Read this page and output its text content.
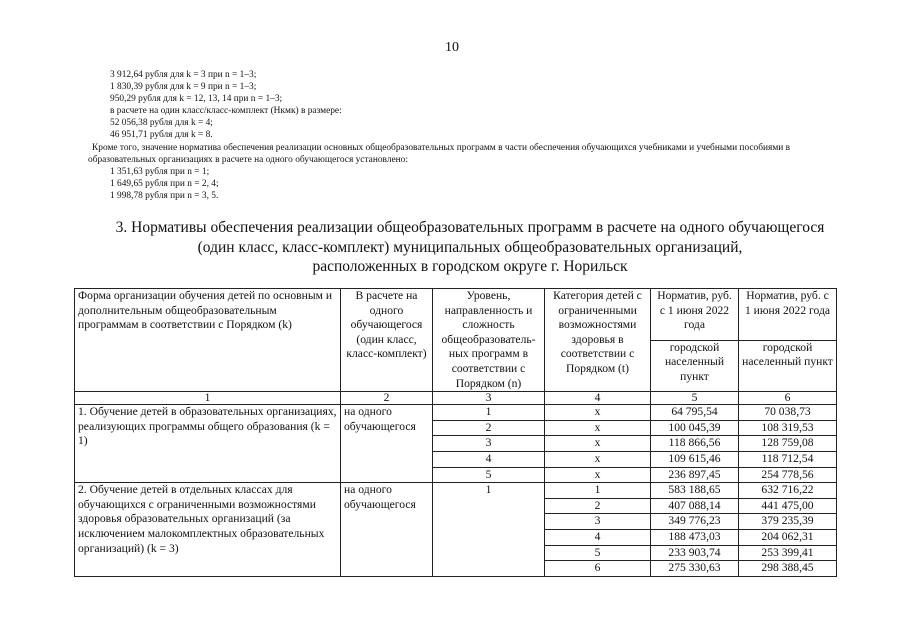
10
3 912,64 рубля для k = 3 при n = 1–3;
1 830,39 рубля для k = 9 при n = 1–3;
950,29 рубля для k = 12, 13, 14 при n = 1–3;
в расчете на один класс/класс-комплект (Нкмк) в размере:
52 056,38 рубля для k = 4;
46 951,71 рубля для k = 8.
Кроме того, значение норматива обеспечения реализации основных общеобразовательных программ в части обеспечения обучающихся учебниками и учебными пособиями в образовательных организациях в расчете на одного обучающегося установлено:
1 351,63 рубля при n = 1;
1 649,65 рубля при n = 2, 4;
1 998,78 рубля при n = 3, 5.
3. Нормативы обеспечения реализации общеобразовательных программ в расчете на одного обучающегося
(один класс, класс-комплект) муниципальных общеобразовательных организаций,
расположенных в городском округе г. Норильск
Форма организации обучения детей по основным и дополнительным общеобразовательным программам в соответствии с Порядком (k)	В расчете на одного обучающегося (один класс, класс-комплект)	Уровень, направленность и сложность общеобразователь-ных программ в соответствии с Порядком (n)	Категория детей с ограниченными возможностями здоровья в соответствии с Порядком (t)	Норматив, руб. с 1 июня 2022 года	Норматив, руб. с 1 июня 2022 года
				городской населенный пункт	городской населенный пункт
1	2	3	4	5	6
1. Обучение детей в образовательных организациях, реализующих программы общего образования (k = 1)	на одного обучающегося	1	х	64 795,54	70 038,73
		2	х	100 045,39	108 319,53
		3	х	118 866,56	128 759,08
		4	х	109 615,46	118 712,54
		5	х	236 897,45	254 778,56
2. Обучение детей в отдельных классах для обучающихся с ограниченными возможностями здоровья образовательных организаций (за исключением малокомплектных образовательных организаций) (k = 3)	на одного обучающегося	1	1	583 188,65	632 716,22
			2	407 088,14	441 475,00
			3	349 776,23	379 235,39
			4	188 473,03	204 062,31
			5	233 903,74	253 399,41
			6	275 330,63	298 388,45
